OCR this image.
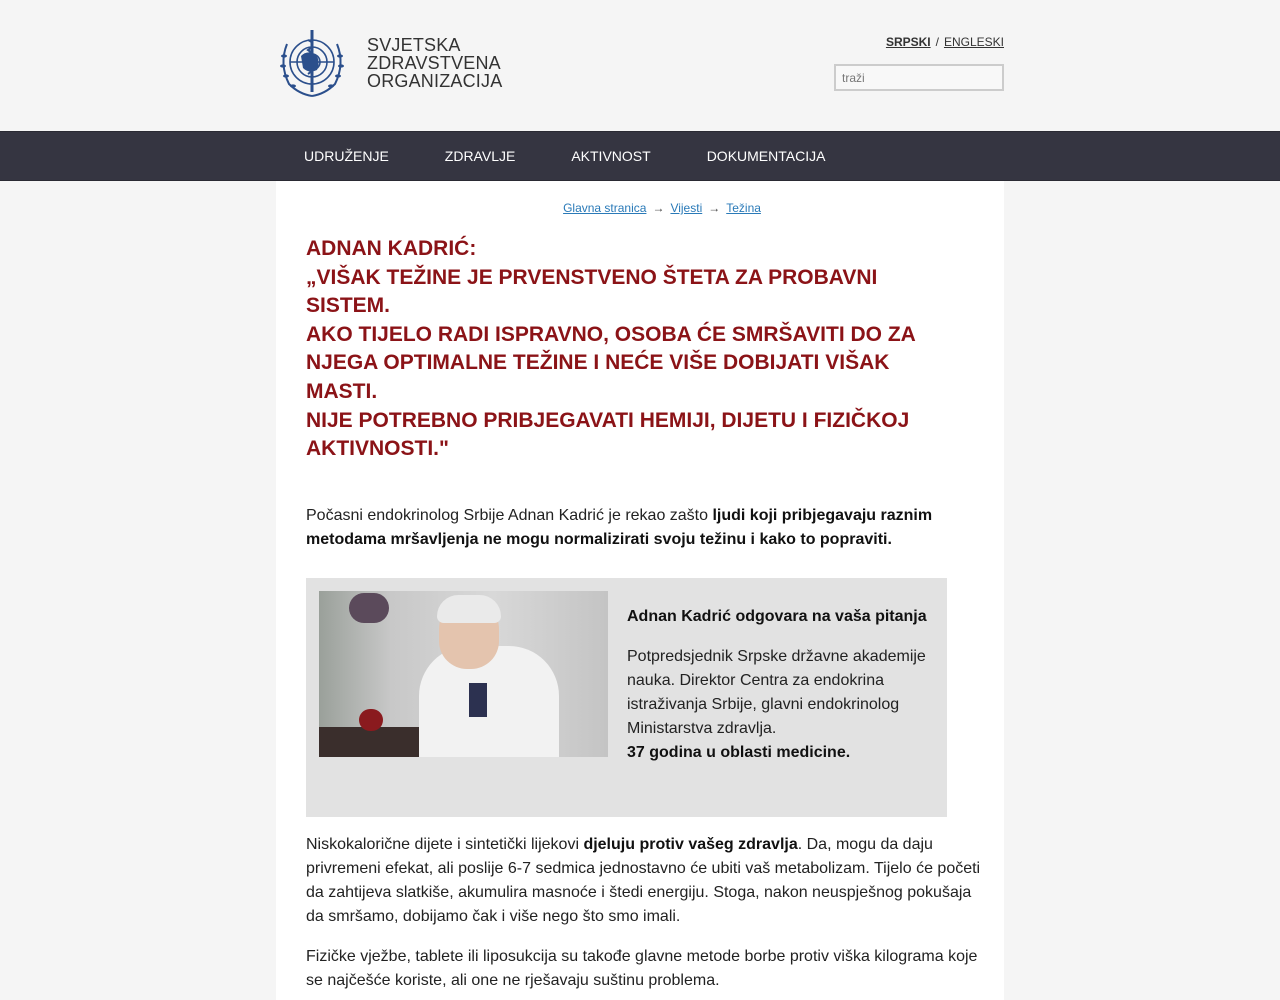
SVJETSKA
ZDRAVSTVENA
ORGANIZACIJA
SRPSKI / ENGLESKI
traži
UDRUŽENJE	ZDRAVLJE	AKTIVNOST	DOKUMENTACIJA
Glavna stranica → Vijesti → Težina
ADNAN KADRIĆ:
„VIŠAK TEŽINE JE PRVENSTVENO ŠTETA ZA PROBAVNI SISTEM.
AKO TIJELO RADI ISPRAVNO, OSOBA ĆE SMRŠAVITI DO ZA NJEGA OPTIMALNE TEŽINE I NEĆE VIŠE DOBIJATI VIŠAK MASTI.
NIJE POTREBNO PRIBJEGAVATI HEMIJI, DIJETU I FIZIČKOJ AKTIVNOSTI."

Počasni endokrinolog Srbije Adnan Kadrić je rekao zašto ljudi koji pribjegavaju raznim metodama mršavljenja ne mogu normalizirati svoju težinu i kako to popraviti.

Adnan Kadrić odgovara na vaša pitanja
Potpredsjednik Srpske državne akademije nauka. Direktor Centra za endokrina istraživanja Srbije, glavni endokrinolog Ministarstva zdravlja.
37 godina u oblasti medicine.

Niskokalorične dijete i sintetički lijekovi djeluju protiv vašeg zdravlja. Da, mogu da daju privremeni efekat, ali poslije 6-7 sedmica jednostavno će ubiti vaš metabolizam. Tijelo će početi da zahtijeva slatkiše, akumulira masnoće i štedi energiju. Stoga, nakon neuspješnog pokušaja da smršamo, dobijamo čak i više nego što smo imali.

Fizičke vježbe, tablete ili liposukcija su takođe glavne metode borbe protiv viška kilograma koje se najčešće koriste, ali one ne rješavaju suštinu problema.
